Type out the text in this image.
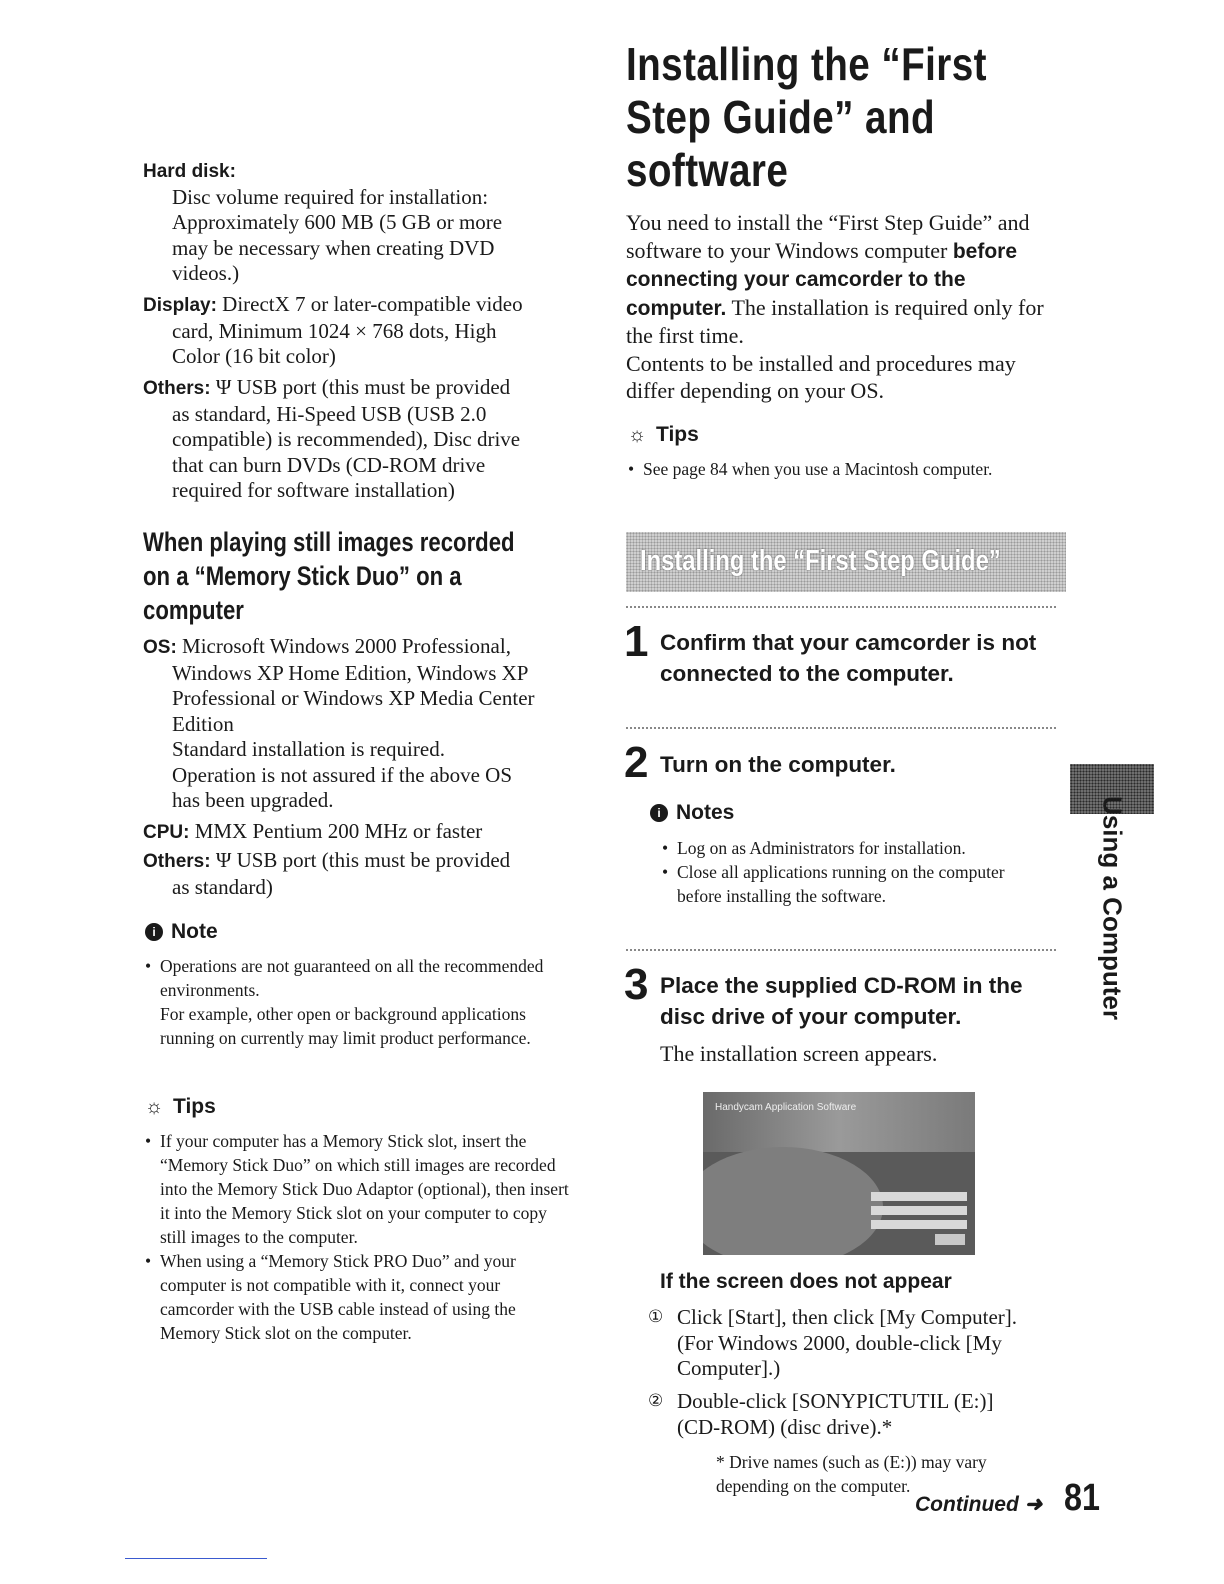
Hard disk:
Disc volume required for installation:
Approximately 600 MB (5 GB or more
may be necessary when creating DVD
videos.)
Display: DirectX 7 or later-compatible video
card, Minimum 1024 × 768 dots, High
Color (16 bit color)
Others: Ψ USB port (this must be provided
as standard, Hi-Speed USB (USB 2.0
compatible) is recommended), Disc drive
that can burn DVDs (CD-ROM drive
required for software installation)
When playing still images recorded
on a “Memory Stick Duo” on a
computer
OS: Microsoft Windows 2000 Professional,
Windows XP Home Edition, Windows XP
Professional or Windows XP Media Center
Edition
Standard installation is required.
Operation is not assured if the above OS
has been upgraded.
CPU: MMX Pentium 200 MHz or faster
Others: Ψ USB port (this must be provided
as standard)
i Note
• Operations are not guaranteed on all the recommended environments.
• For example, other open or background applications running on currently may limit product performance.
☼ Tips
• If your computer has a Memory Stick slot, insert the “Memory Stick Duo” on which still images are recorded into the Memory Stick Duo Adaptor (optional), then insert it into the Memory Stick slot on your computer to copy still images to the computer.
• When using a “Memory Stick PRO Duo” and your computer is not compatible with it, connect your camcorder with the USB cable instead of using the Memory Stick slot on the computer.
Installing the “First
Step Guide” and
software
You need to install the “First Step Guide” and software to your Windows computer before connecting your camcorder to the computer. The installation is required only for the first time.
Contents to be installed and procedures may differ depending on your OS.
☼ Tips
• See page 84 when you use a Macintosh computer.
Installing the “First Step Guide”
1 Confirm that your camcorder is not connected to the computer.
2 Turn on the computer.
i Notes
• Log on as Administrators for installation.
• Close all applications running on the computer before installing the software.
3 Place the supplied CD-ROM in the disc drive of your computer.
The installation screen appears.
Handycam Application Software
If the screen does not appear
① Click [Start], then click [My Computer]. (For Windows 2000, double-click [My Computer].)
② Double-click [SONYPICTUTIL (E:)] (CD-ROM) (disc drive).*
* Drive names (such as (E:)) may vary depending on the computer.
Using a Computer
Continued ➜ 81
